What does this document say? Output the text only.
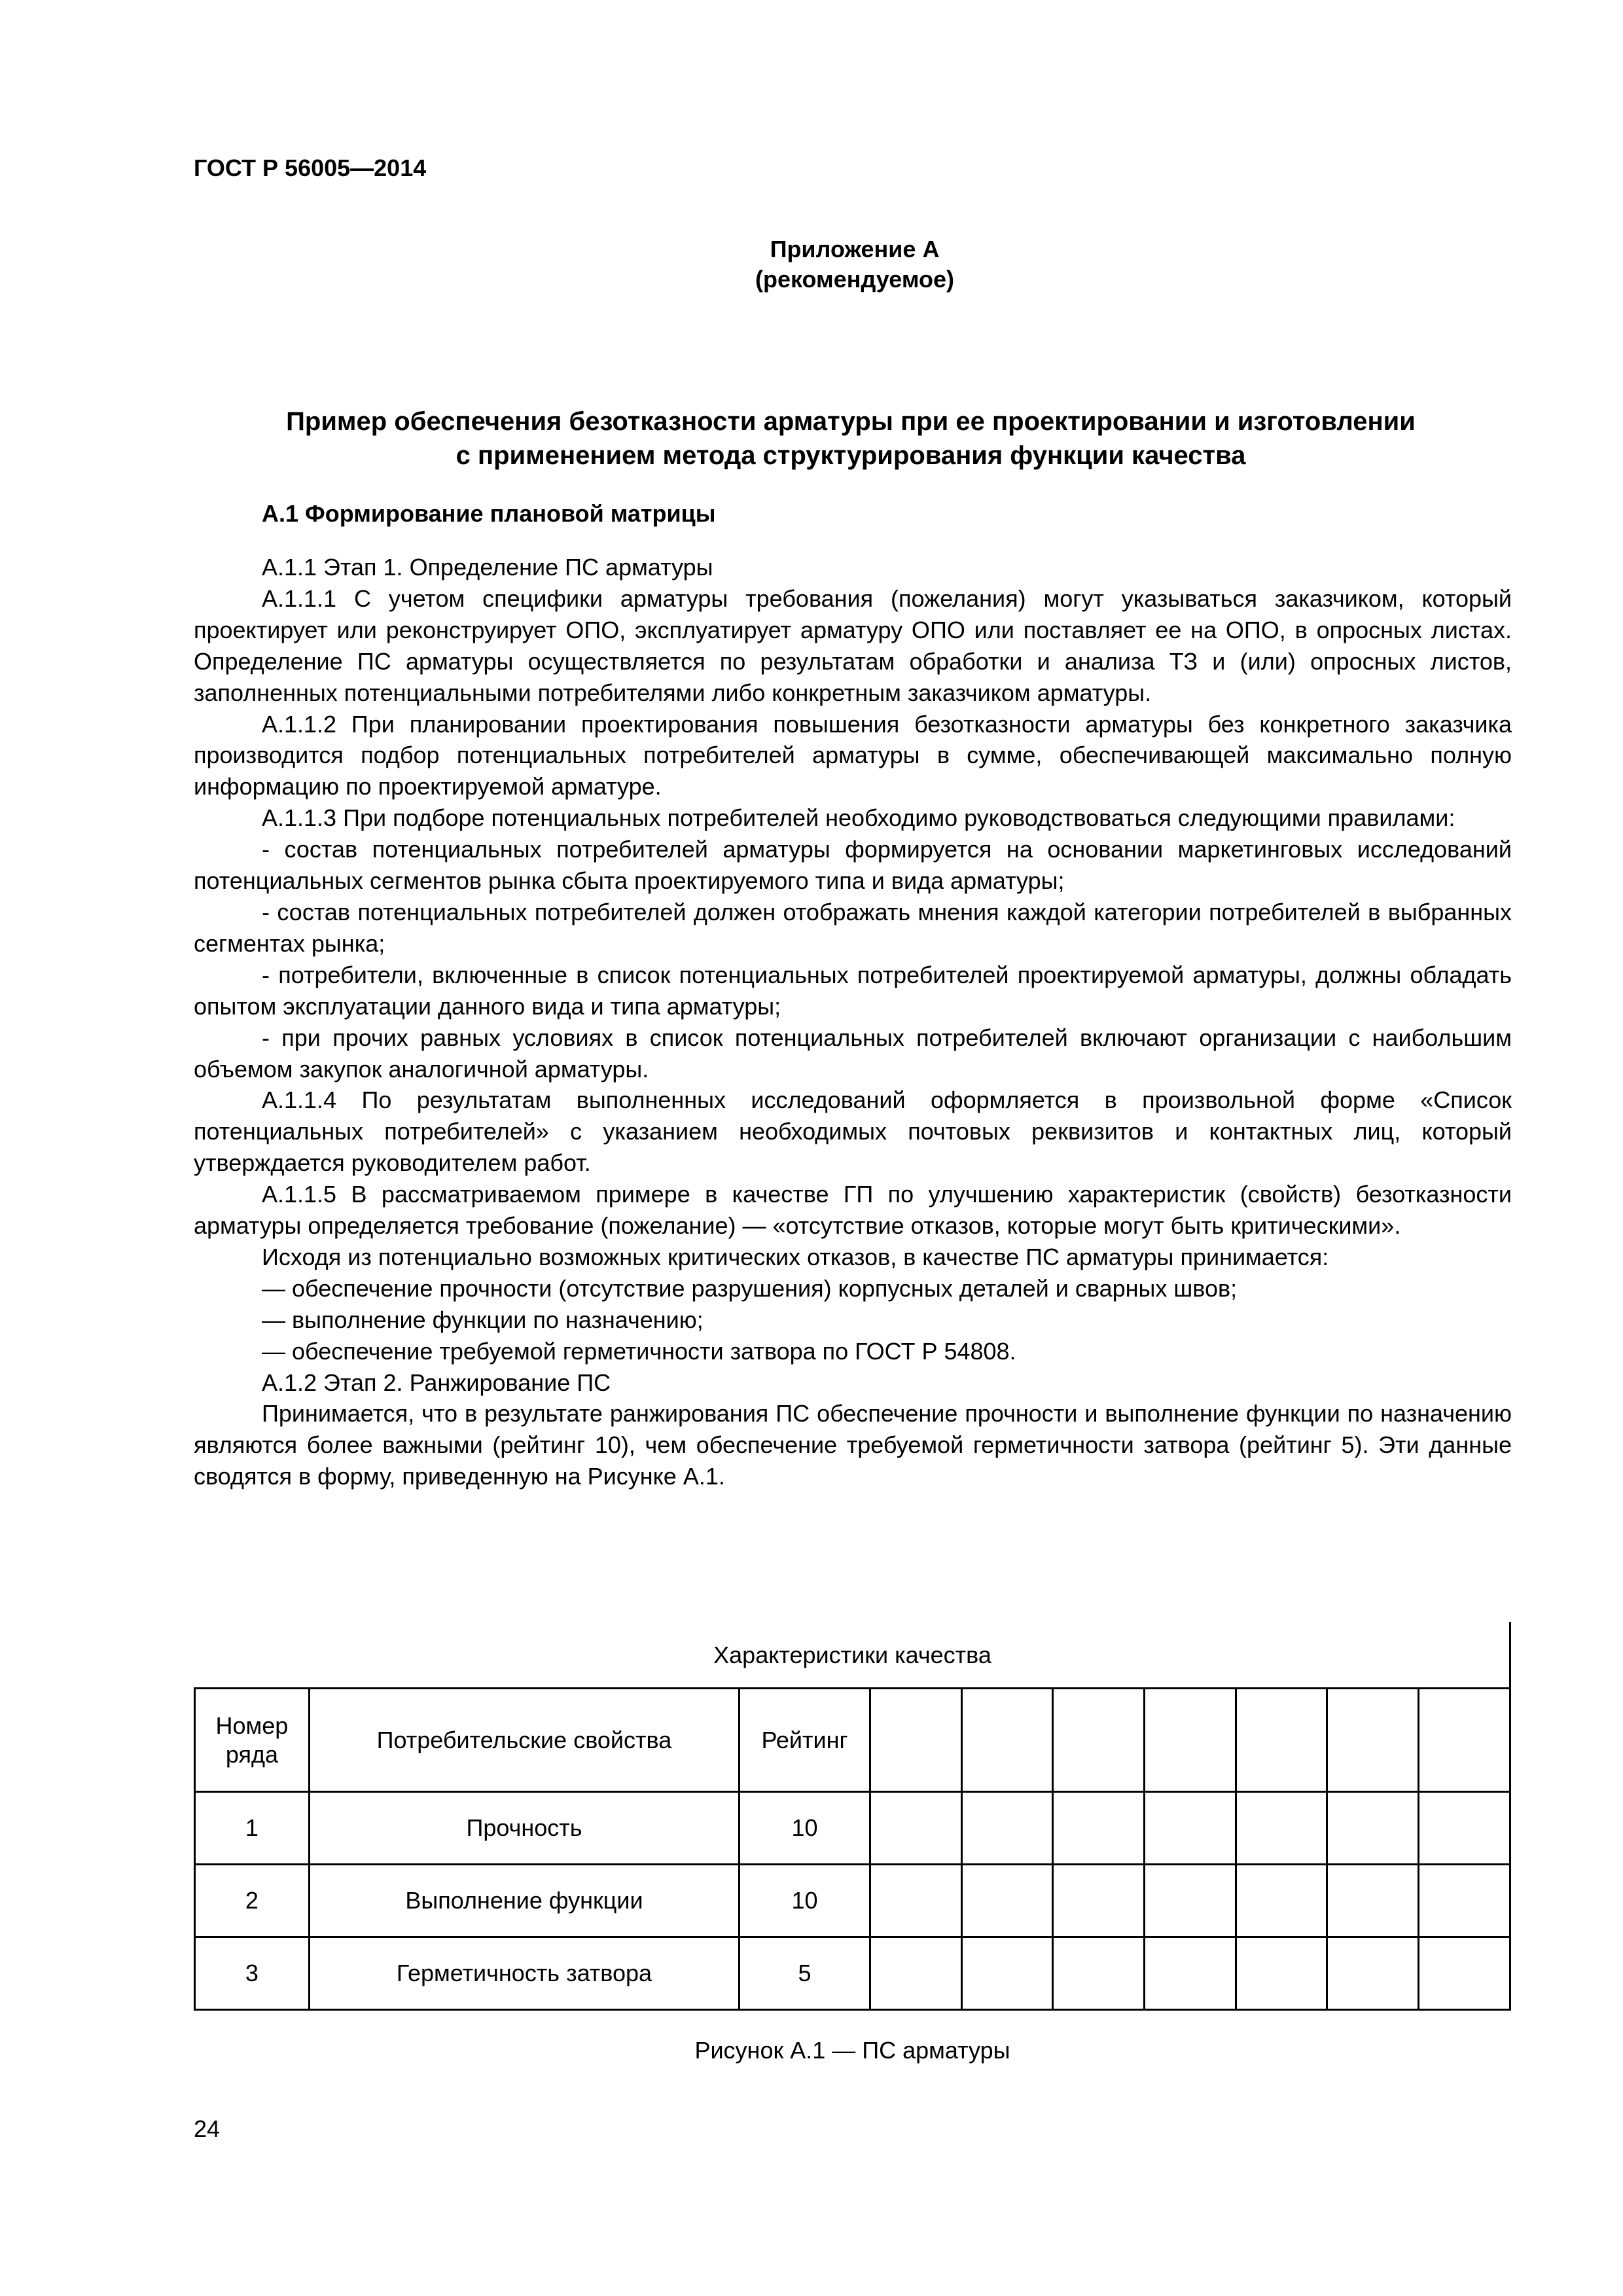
ГОСТ Р 56005—2014
Приложение А
(рекомендуемое)
Пример обеспечения безотказности арматуры при ее проектировании и изготовлении
с применением метода структурирования функции качества
А.1 Формирование плановой матрицы

А.1.1 Этап 1. Определение ПС арматуры

А.1.1.1 С учетом специфики арматуры требования (пожелания) могут указываться заказчиком, который проектирует или реконструирует ОПО, эксплуатирует арматуру ОПО или поставляет ее на ОПО, в опросных листах. Определение ПС арматуры осуществляется по результатам обработки и анализа ТЗ и (или) опросных листов, заполненных потенциальными потребителями либо конкретным заказчиком арматуры.

А.1.1.2 При планировании проектирования повышения безотказности арматуры без конкретного заказчика производится подбор потенциальных потребителей арматуры в сумме, обеспечивающей максимально полную информацию по проектируемой арматуре.

А.1.1.3 При подборе потенциальных потребителей необходимо руководствоваться следующими правилами:

- состав потенциальных потребителей арматуры формируется на основании маркетинговых исследований потенциальных сегментов рынка сбыта проектируемого типа и вида арматуры;

- состав потенциальных потребителей должен отображать мнения каждой категории потребителей в выбранных сегментах рынка;

- потребители, включенные в список потенциальных потребителей проектируемой арматуры, должны обладать опытом эксплуатации данного вида и типа арматуры;

- при прочих равных условиях в список потенциальных потребителей включают организации с наибольшим объемом закупок аналогичной арматуры.

А.1.1.4 По результатам выполненных исследований оформляется в произвольной форме «Список потенциальных потребителей» с указанием необходимых почтовых реквизитов и контактных лиц, который утверждается руководителем работ.

А.1.1.5 В рассматриваемом примере в качестве ГП по улучшению характеристик (свойств) безотказности арматуры определяется требование (пожелание) — «отсутствие отказов, которые могут быть критическими».

Исходя из потенциально возможных критических отказов, в качестве ПС арматуры принимается:

— обеспечение прочности (отсутствие разрушения) корпусных деталей и сварных швов;

— выполнение функции по назначению;

— обеспечение требуемой герметичности затвора по ГОСТ Р 54808.

А.1.2 Этап 2. Ранжирование ПС

Принимается, что в результате ранжирования ПС обеспечение прочности и выполнение функции по назначению являются более важными (рейтинг 10), чем обеспечение требуемой герметичности затвора (рейтинг 5). Эти данные сводятся в форму, приведенную на Рисунке А.1.

Характеристики качества
Номер ряда	Потребительские свойства	Рейтинг							
1	Прочность	10							
2	Выполнение функции	10							
3	Герметичность затвора	5							
Рисунок А.1 — ПС арматуры
24
